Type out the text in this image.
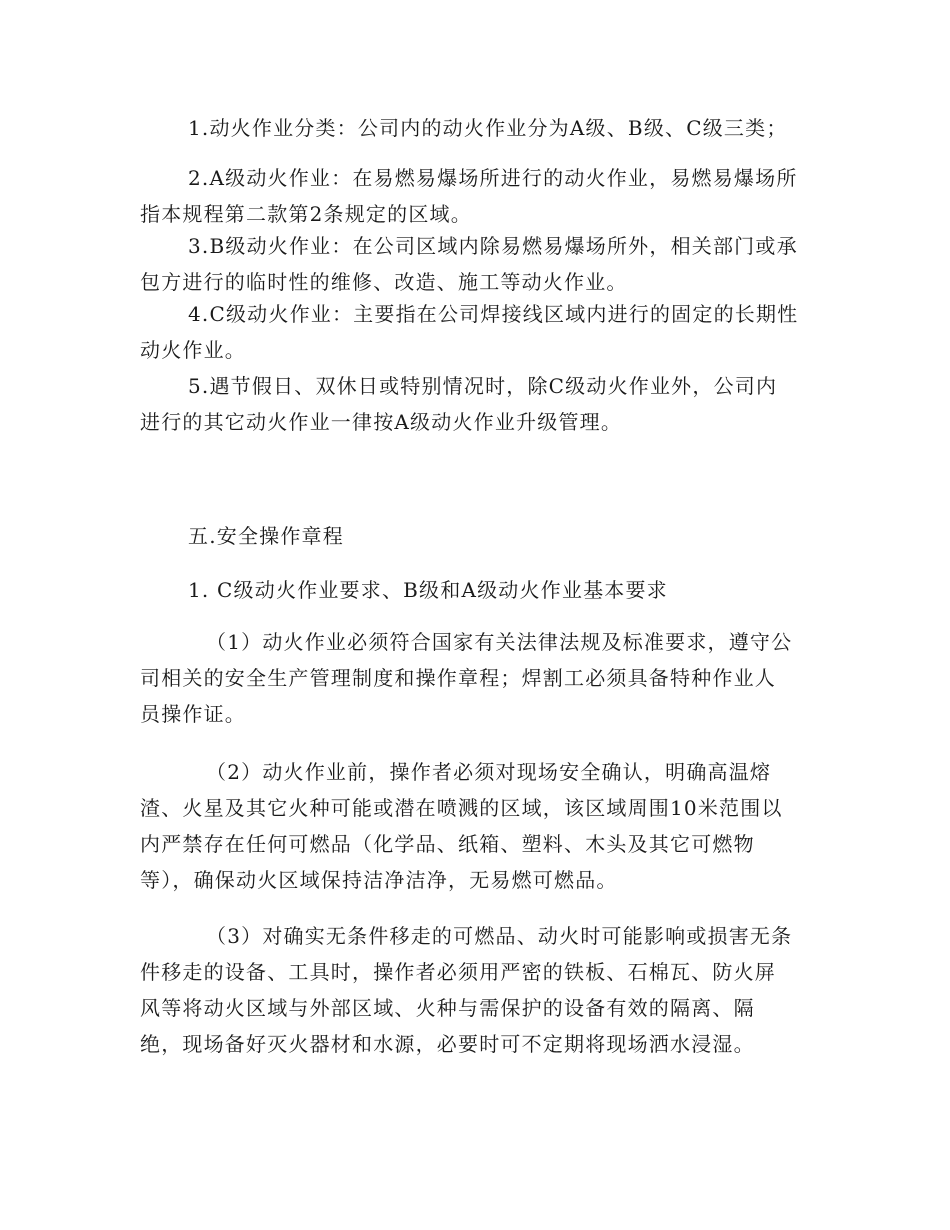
1.动火作业分类：公司内的动火作业分为A级、B级、C级三类；
2.A级动火作业：在易燃易爆场所进行的动火作业，易燃易爆场所
指本规程第二款第2条规定的区域。
3.B级动火作业：在公司区域内除易燃易爆场所外，相关部门或承
包方进行的临时性的维修、改造、施工等动火作业。
4.C级动火作业：主要指在公司焊接线区域内进行的固定的长期性
动火作业。
5.遇节假日、双休日或特别情况时，除C级动火作业外，公司内
进行的其它动火作业一律按A级动火作业升级管理。
五.安全操作章程
1. C级动火作业要求、B级和A级动火作业基本要求
（1）动火作业必须符合国家有关法律法规及标准要求，遵守公
司相关的安全生产管理制度和操作章程；焊割工必须具备特种作业人
员操作证。
（2）动火作业前，操作者必须对现场安全确认，明确高温熔
渣、火星及其它火种可能或潜在喷溅的区域，该区域周围10米范围以
内严禁存在任何可燃品（化学品、纸箱、塑料、木头及其它可燃物
等），确保动火区域保持洁净洁净，无易燃可燃品。
（3）对确实无条件移走的可燃品、动火时可能影响或损害无条
件移走的设备、工具时，操作者必须用严密的铁板、石棉瓦、防火屏
风等将动火区域与外部区域、火种与需保护的设备有效的隔离、隔
绝，现场备好灭火器材和水源，必要时可不定期将现场洒水浸湿。
